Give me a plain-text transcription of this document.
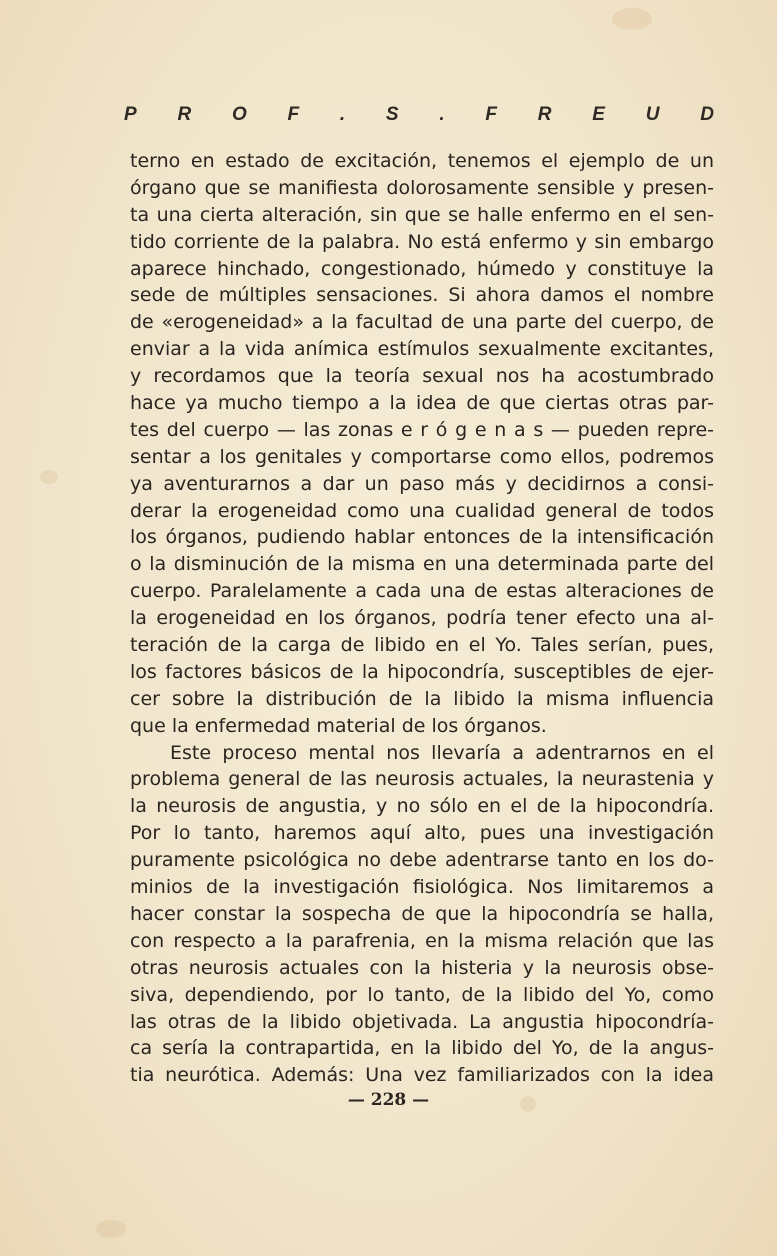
P R O F . S . F R E U D
terno en estado de excitación, tenemos el ejemplo de un
órgano que se manifiesta dolorosamente sensible y presen-
ta una cierta alteración, sin que se halle enfermo en el sen-
tido corriente de la palabra. No está enfermo y sin embargo
aparece hinchado, congestionado, húmedo y constituye la
sede de múltiples sensaciones. Si ahora damos el nombre
de «erogeneidad» a la facultad de una parte del cuerpo, de
enviar a la vida anímica estímulos sexualmente excitantes,
y recordamos que la teoría sexual nos ha acostumbrado
hace ya mucho tiempo a la idea de que ciertas otras par-
tes del cuerpo — las zonas e r ó g e n a s — pueden repre-
sentar a los genitales y comportarse como ellos, podremos
ya aventurarnos a dar un paso más y decidirnos a consi-
derar la erogeneidad como una cualidad general de todos
los órganos, pudiendo hablar entonces de la intensificación
o la disminución de la misma en una determinada parte del
cuerpo. Paralelamente a cada una de estas alteraciones de
la erogeneidad en los órganos, podría tener efecto una al-
teración de la carga de libido en el Yo. Tales serían, pues,
los factores básicos de la hipocondría, susceptibles de ejer-
cer sobre la distribución de la libido la misma influencia
que la enfermedad material de los órganos.
Este proceso mental nos llevaría a adentrarnos en el
problema general de las neurosis actuales, la neurastenia y
la neurosis de angustia, y no sólo en el de la hipocondría.
Por lo tanto, haremos aquí alto, pues una investigación
puramente psicológica no debe adentrarse tanto en los do-
minios de la investigación fisiológica. Nos limitaremos a
hacer constar la sospecha de que la hipocondría se halla,
con respecto a la parafrenia, en la misma relación que las
otras neurosis actuales con la histeria y la neurosis obse-
siva, dependiendo, por lo tanto, de la libido del Yo, como
las otras de la libido objetivada. La angustia hipocondría-
ca sería la contrapartida, en la libido del Yo, de la angus-
tia neurótica. Además: Una vez familiarizados con la idea
— 228 —
